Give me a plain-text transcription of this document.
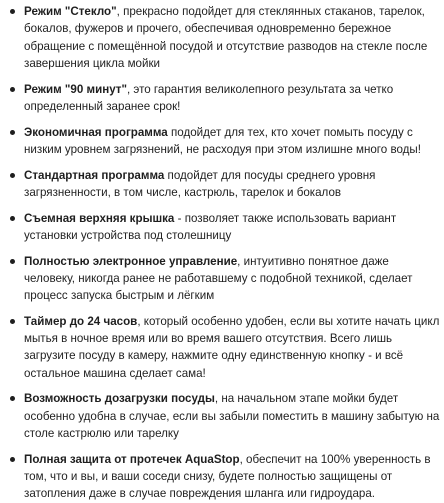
Режим "Стекло", прекрасно подойдет для стеклянных стаканов, тарелок, бокалов, фужеров и прочего, обеспечивая одновременно бережное обращение с помещённой посудой и отсутствие разводов на стекле после завершения цикла мойки
Режим "90 минут", это гарантия великолепного результата за четко определенный заранее срок!
Экономичная программа подойдет для тех, кто хочет помыть посуду с низким уровнем загрязнений, не расходуя при этом излишне много воды!
Стандартная программа подойдет для посуды среднего уровня загрязненности, в том числе, кастрюль, тарелок и бокалов
Съемная верхняя крышка - позволяет также использовать вариант установки устройства под столешницу
Полностью электронное управление, интуитивно понятное даже человеку, никогда ранее не работавшему с подобной техникой, сделает процесс запуска быстрым и лёгким
Таймер до 24 часов, который особенно удобен, если вы хотите начать цикл мытья в ночное время или во время вашего отсутствия. Всего лишь загрузите посуду в камеру, нажмите одну единственную кнопку - и всё остальное машина сделает сама!
Возможность дозагрузки посуды, на начальном этапе мойки будет особенно удобна в случае, если вы забыли поместить в машину забытую на столе кастрюлю или тарелку
Полная защита от протечек AquaStop, обеспечит на 100% уверенность в том, что и вы, и ваши соседи снизу, будете полностью защищены от затопления даже в случае повреждения шланга или гидроудара.
